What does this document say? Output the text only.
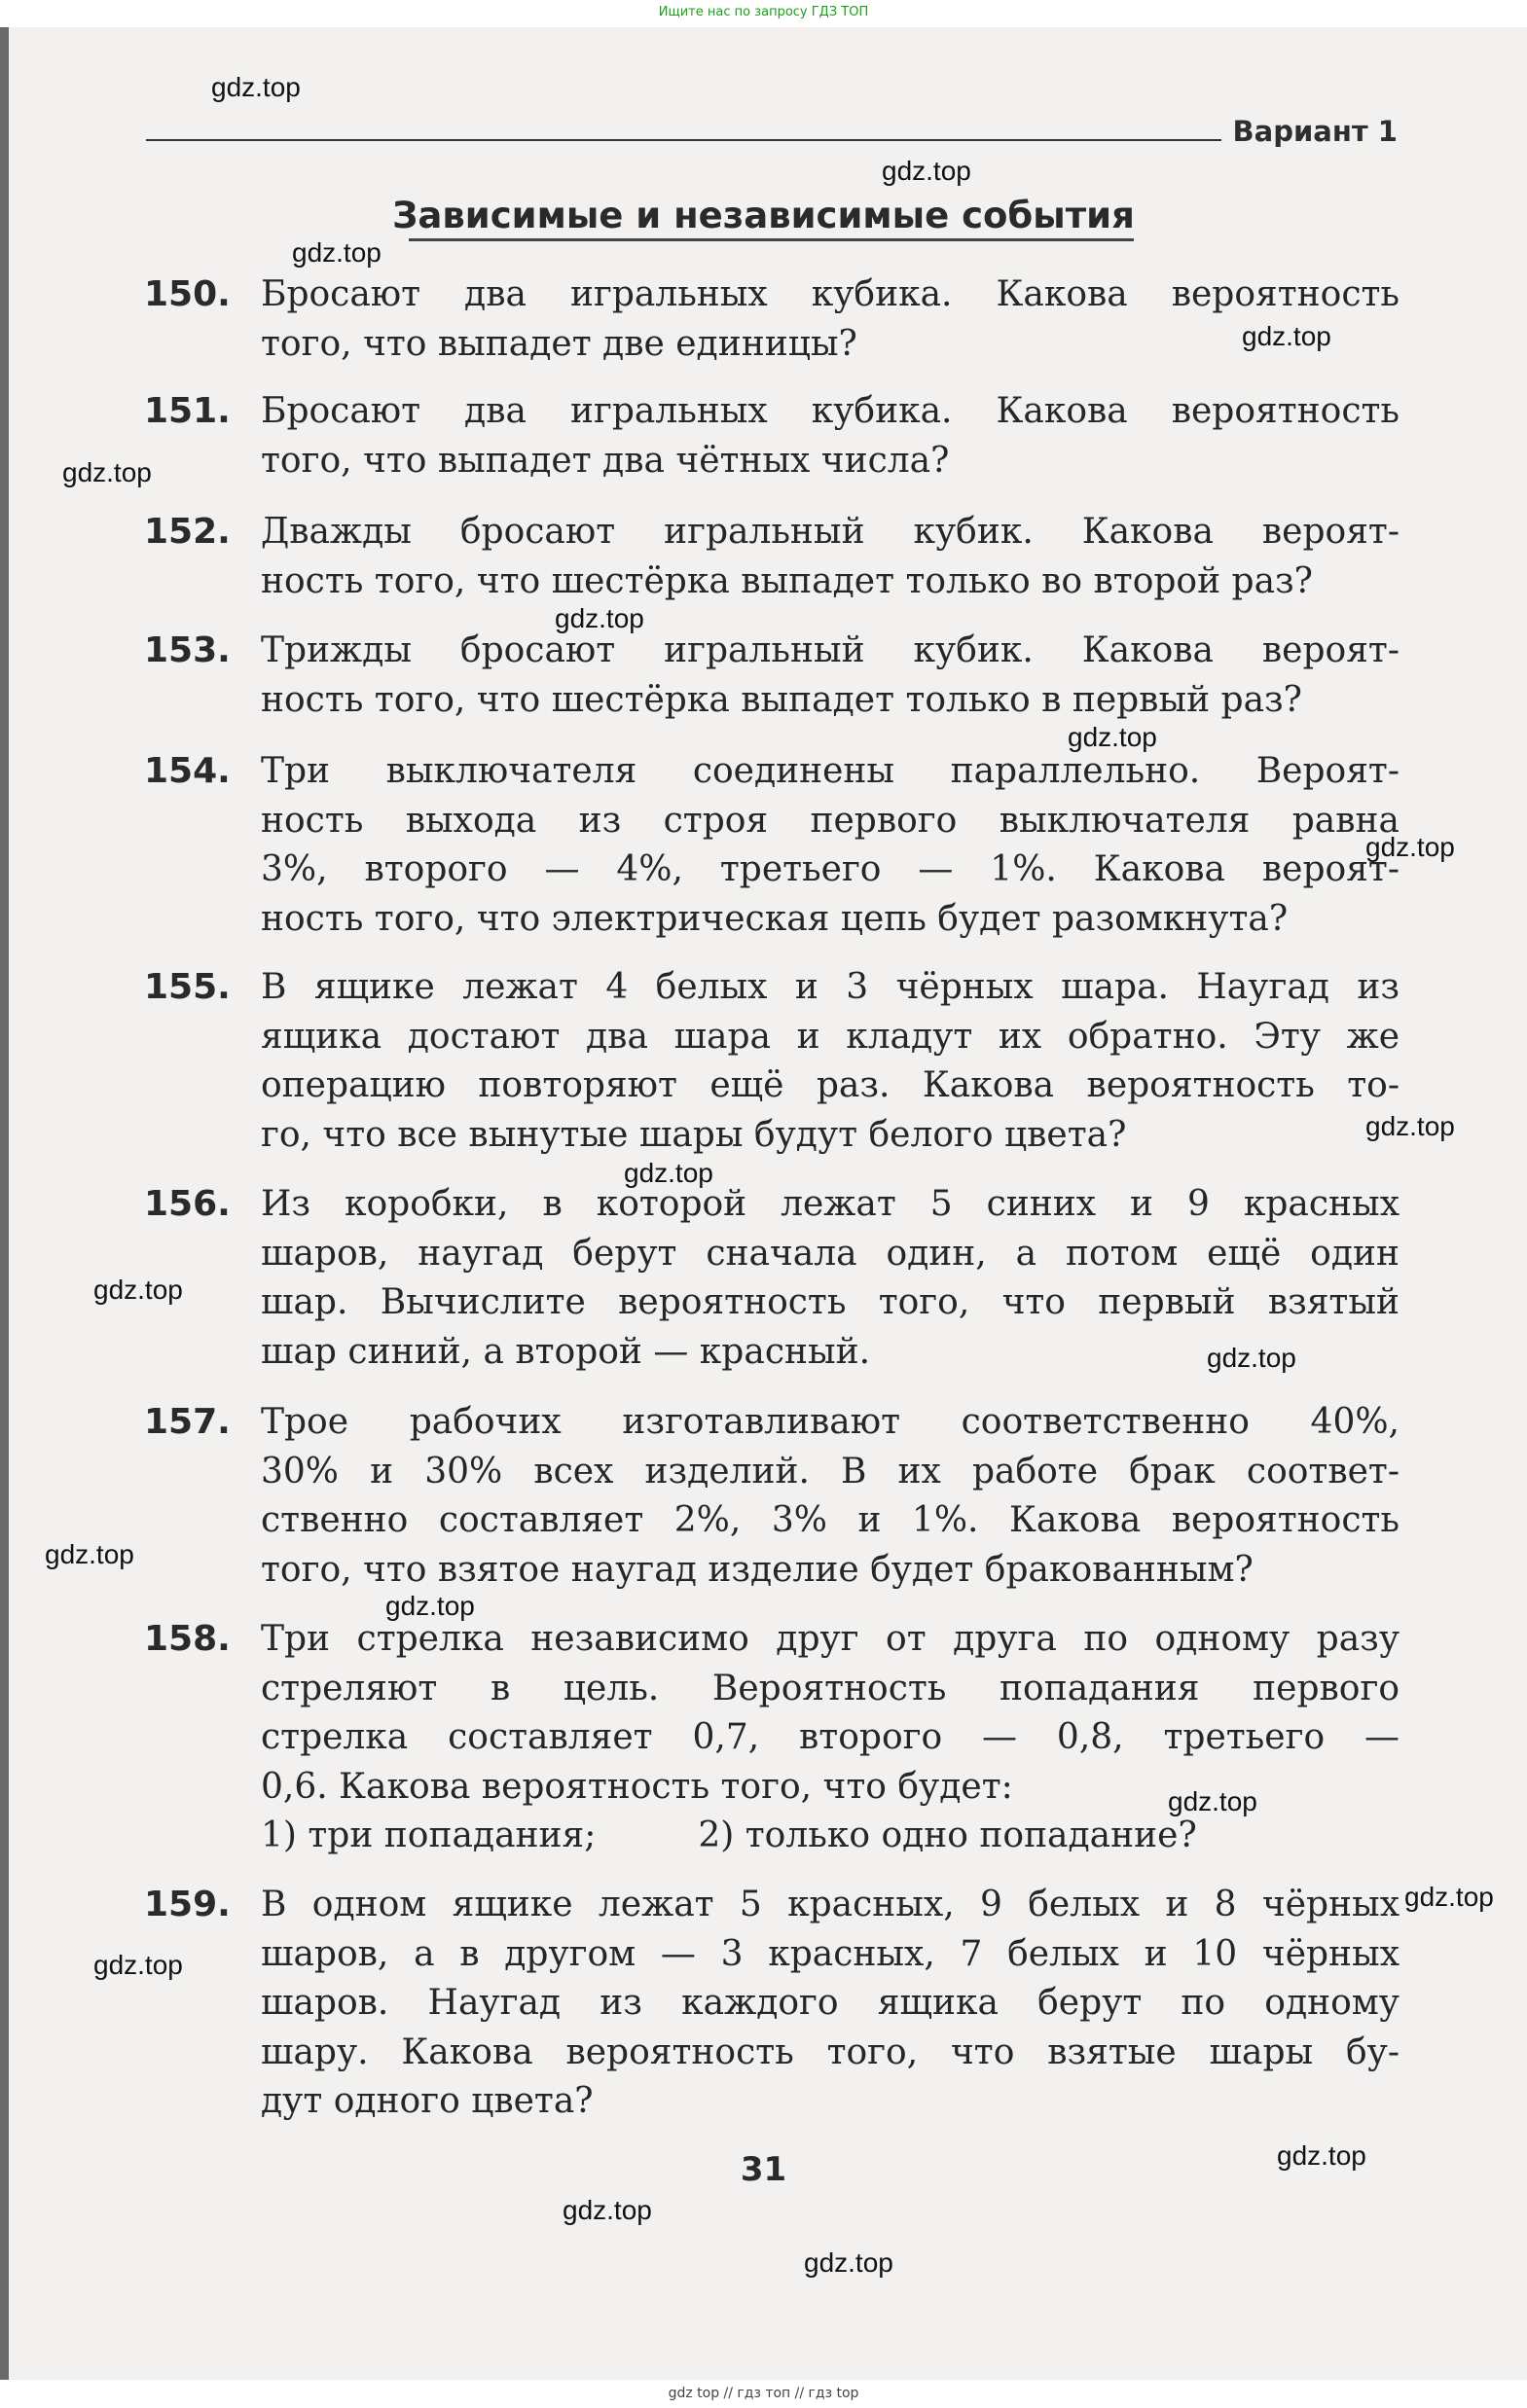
Ищите нас по запросу ГДЗ ТОП
Вариант 1
Зависимые и независимые события
150. Бросают два игральных кубика. Какова вероятность
того, что выпадет две единицы?
151. Бросают два игральных кубика. Какова вероятность
того, что выпадет два чётных числа?
152. Дважды бросают игральный кубик. Какова вероят-
ность того, что шестёрка выпадет только во второй раз?
153. Трижды бросают игральный кубик. Какова вероят-
ность того, что шестёрка выпадет только в первый раз?
154. Три выключателя соединены параллельно. Вероят-
ность выхода из строя первого выключателя равна
3%, второго — 4%, третьего — 1%. Какова вероят-
ность того, что электрическая цепь будет разомкнута?
155. В ящике лежат 4 белых и 3 чёрных шара. Наугад из
ящика достают два шара и кладут их обратно. Эту же
операцию повторяют ещё раз. Какова вероятность то-
го, что все вынутые шары будут белого цвета?
156. Из коробки, в которой лежат 5 синих и 9 красных
шаров, наугад берут сначала один, а потом ещё один
шар. Вычислите вероятность того, что первый взятый
шар синий, а второй — красный.
157. Трое рабочих изготавливают соответственно 40%,
30% и 30% всех изделий. В их работе брак соответ-
ственно составляет 2%, 3% и 1%. Какова вероятность
того, что взятое наугад изделие будет бракованным?
158. Три стрелка независимо друг от друга по одному разу
стреляют в цель. Вероятность попадания первого
стрелка составляет 0,7, второго — 0,8, третьего —
0,6. Какова вероятность того, что будет:
1) три попадания;	2) только одно попадание?
159. В одном ящике лежат 5 красных, 9 белых и 8 чёрных
шаров, а в другом — 3 красных, 7 белых и 10 чёрных
шаров. Наугад из каждого ящика берут по одному
шару. Какова вероятность того, что взятые шары бу-
дут одного цвета?
31
gdz.top
gdz.top
gdz.top
gdz.top
gdz.top
gdz.top
gdz.top
gdz.top
gdz.top
gdz.top
gdz.top
gdz.top
gdz.top
gdz.top
gdz.top
gdz.top
gdz.top
gdz.top
gdz.top
gdz.top
gdz top // гдз топ // гдз top
